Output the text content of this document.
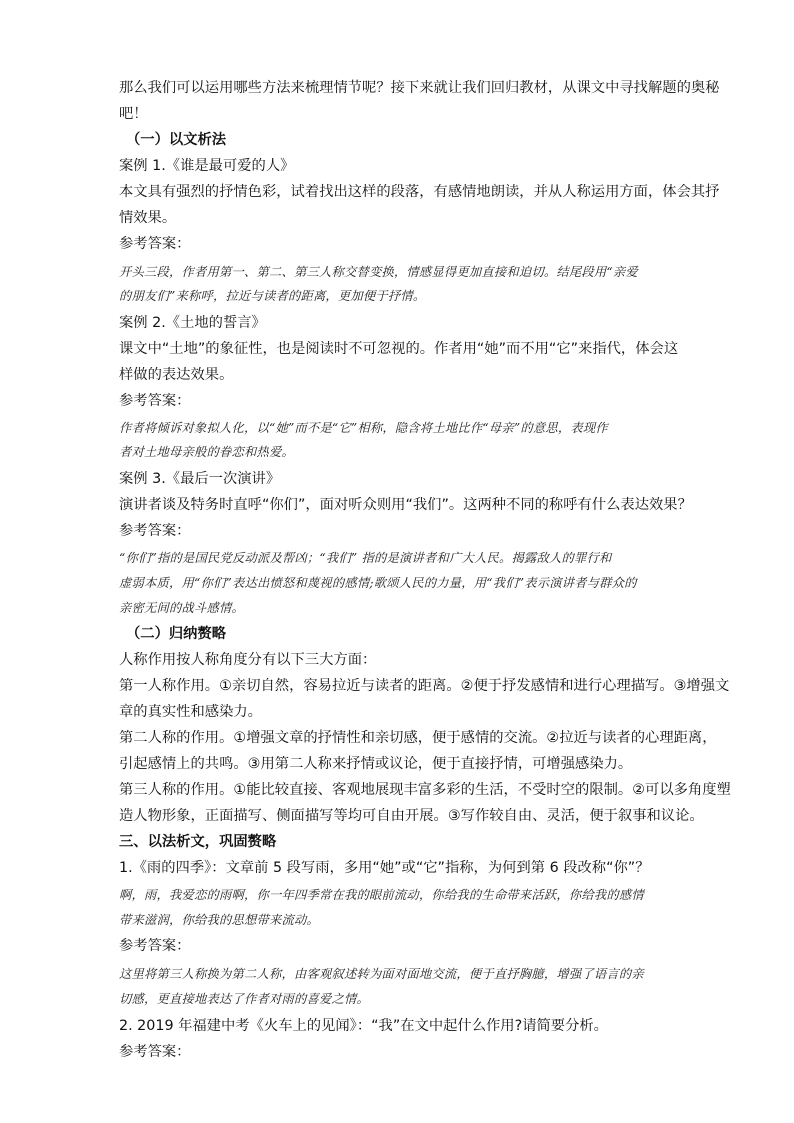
那么我们可以运用哪些方法来梳理情节呢？接下来就让我们回归教材，从课文中寻找解题的奥秘
吧！
（一）以文析法
案例 1.《谁是最可爱的人》
本文具有强烈的抒情色彩，试着找出这样的段落，有感情地朗读，并从人称运用方面，体会其抒
情效果。
参考答案：
开头三段，作者用第一、第二、第三人称交替变换，情感显得更加直接和迫切。结尾段用“亲爱
的朋友们”来称呼，拉近与读者的距离，更加便于抒情。
案例 2.《土地的誓言》
课文中“土地”的象征性，也是阅读时不可忽视的。作者用“她”而不用“它”来指代，体会这
样做的表达效果。
参考答案：
作者将倾诉对象拟人化，以“她”而不是“它”相称，隐含将土地比作“母亲”的意思，表现作
者对土地母亲般的眷恋和热爱。
案例 3.《最后一次演讲》
演讲者谈及特务时直呼“你们”，面对听众则用“我们”。这两种不同的称呼有什么表达效果？
参考答案：
“你们”指的是国民党反动派及帮凶；“我们” 指的是演讲者和广大人民。揭露敌人的罪行和
虚弱本质，用“你们”表达出愤怒和蔑视的感情;歌颂人民的力量，用“我们”表示演讲者与群众的
亲密无间的战斗感情。
（二）归纳赘略
人称作用按人称角度分有以下三大方面：
第一人称作用。①亲切自然，容易拉近与读者的距离。②便于抒发感情和进行心理描写。③增强文
章的真实性和感染力。
第二人称的作用。①增强文章的抒情性和亲切感，便于感情的交流。②拉近与读者的心理距离，
引起感情上的共鸣。③用第二人称来抒情或议论，便于直接抒情，可增强感染力。
第三人称的作用。①能比较直接、客观地展现丰富多彩的生活，不受时空的限制。②可以多角度塑
造人物形象，正面描写、侧面描写等均可自由开展。③写作较自由、灵活，便于叙事和议论。
三、以法析文，巩固赘略
1.《雨的四季》：文章前 5 段写雨，多用“她”或“它”指称，为何到第 6 段改称“你”？
啊，雨，我爱恋的雨啊，你一年四季常在我的眼前流动，你给我的生命带来活跃，你给我的感情
带来滋润，你给我的思想带来流动。
参考答案：
这里将第三人称换为第二人称，由客观叙述转为面对面地交流，便于直抒胸臆，增强了语言的亲
切感，更直接地表达了作者对雨的喜爱之情。
2. 2019 年福建中考《火车上的见闻》：“我”在文中起什么作用?请简要分析。
参考答案：
